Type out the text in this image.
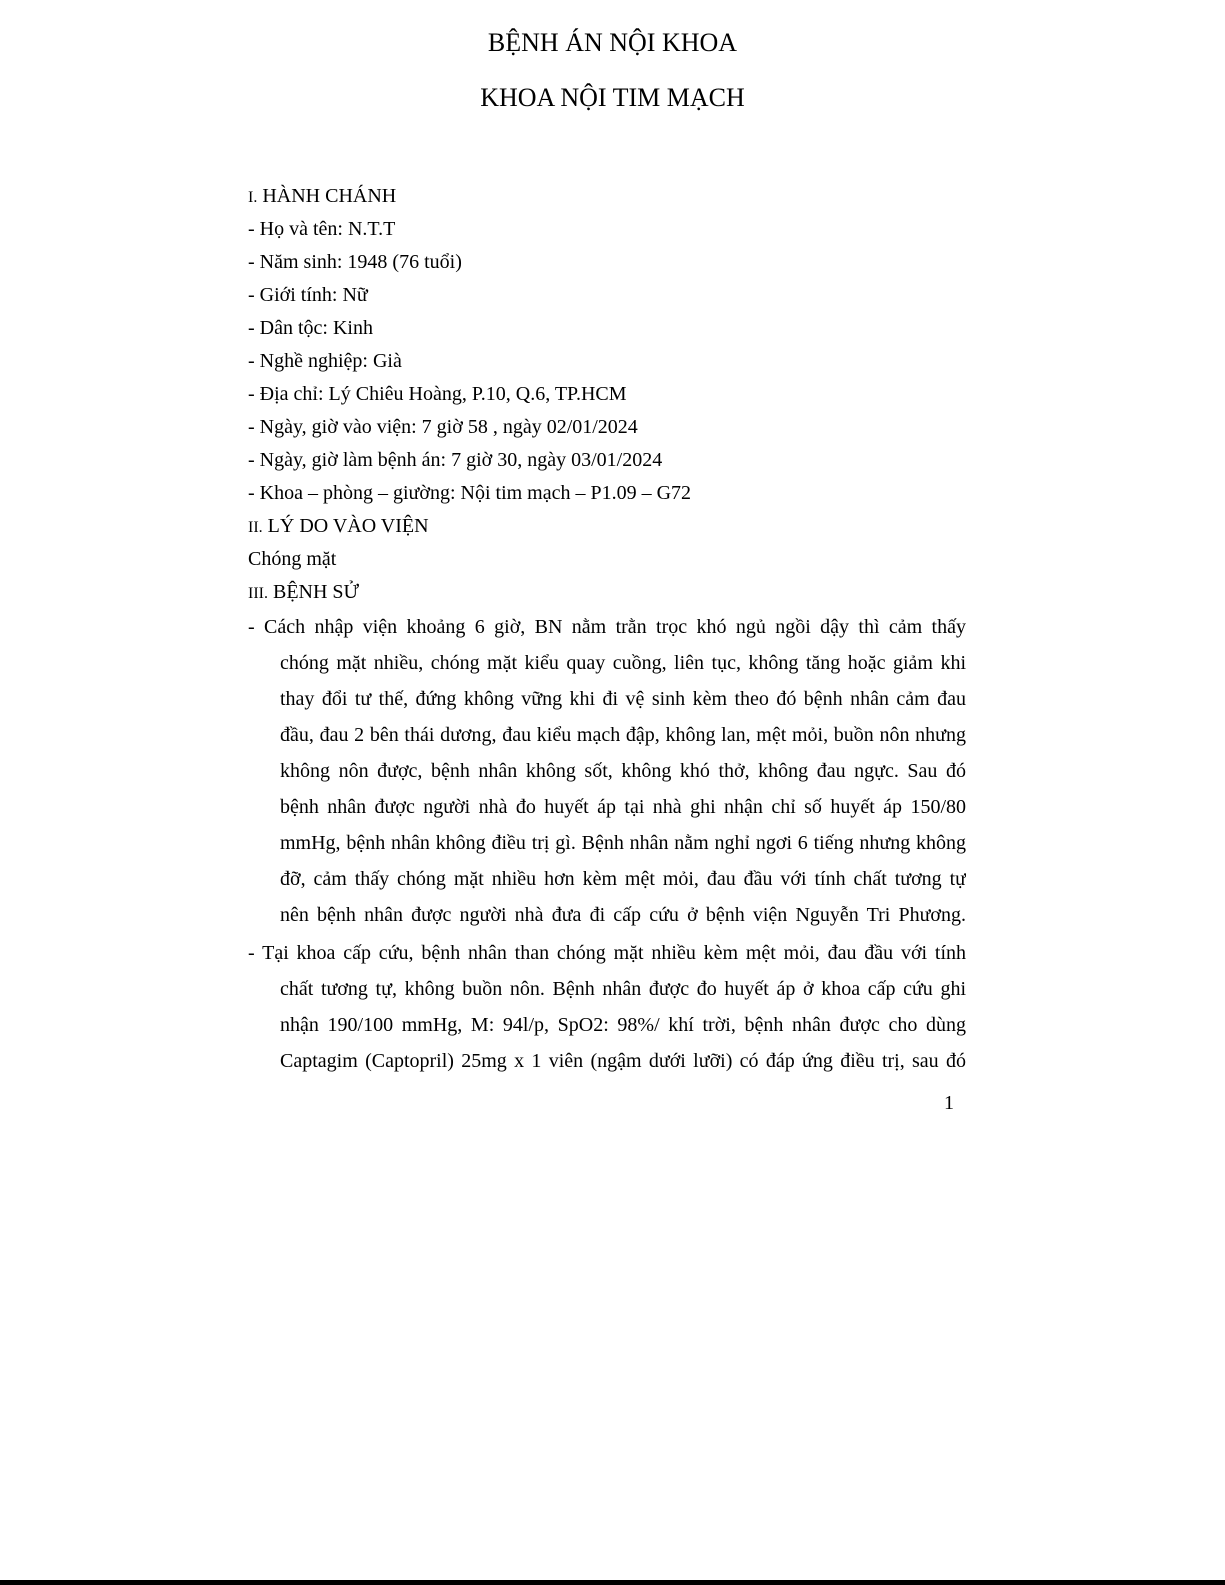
BỆNH ÁN NỘI KHOA
KHOA NỘI TIM MẠCH
I. HÀNH CHÁNH
- Họ và tên: N.T.T
- Năm sinh: 1948 (76 tuổi)
- Giới tính: Nữ
- Dân tộc: Kinh
- Nghề nghiệp: Già
- Địa chỉ: Lý Chiêu Hoàng, P.10, Q.6, TP.HCM
- Ngày, giờ vào viện: 7 giờ 58 , ngày 02/01/2024
- Ngày, giờ làm bệnh án: 7 giờ 30, ngày 03/01/2024
- Khoa – phòng – giường: Nội tim mạch – P1.09 – G72
II. LÝ DO VÀO VIỆN
Chóng mặt
III. BỆNH SỬ
- Cách nhập viện khoảng 6 giờ, BN nằm trằn trọc khó ngủ ngồi dậy thì cảm thấy
chóng mặt nhiều, chóng mặt kiểu quay cuồng, liên tục, không tăng hoặc giảm khi
thay đổi tư thế, đứng không vững khi đi vệ sinh kèm theo đó bệnh nhân cảm đau
đầu, đau 2 bên thái dương, đau kiểu mạch đập, không lan, mệt mỏi, buồn nôn nhưng
không nôn được, bệnh nhân không sốt, không khó thở, không đau ngực. Sau đó
bệnh nhân được người nhà đo huyết áp tại nhà ghi nhận chỉ số huyết áp 150/80
mmHg, bệnh nhân không điều trị gì. Bệnh nhân nằm nghỉ ngơi 6 tiếng nhưng không
đỡ, cảm thấy chóng mặt nhiều hơn kèm mệt mỏi, đau đầu với tính chất tương tự
nên bệnh nhân được người nhà đưa đi cấp cứu ở bệnh viện Nguyễn Tri Phương.
- Tại khoa cấp cứu, bệnh nhân than chóng mặt nhiều kèm mệt mỏi, đau đầu với tính
chất tương tự, không buồn nôn. Bệnh nhân được đo huyết áp ở khoa cấp cứu ghi
nhận 190/100 mmHg, M: 94l/p, SpO2: 98%/ khí trời, bệnh nhân được cho dùng
Captagim (Captopril) 25mg x 1 viên (ngậm dưới lưỡi) có đáp ứng điều trị, sau đó
1
